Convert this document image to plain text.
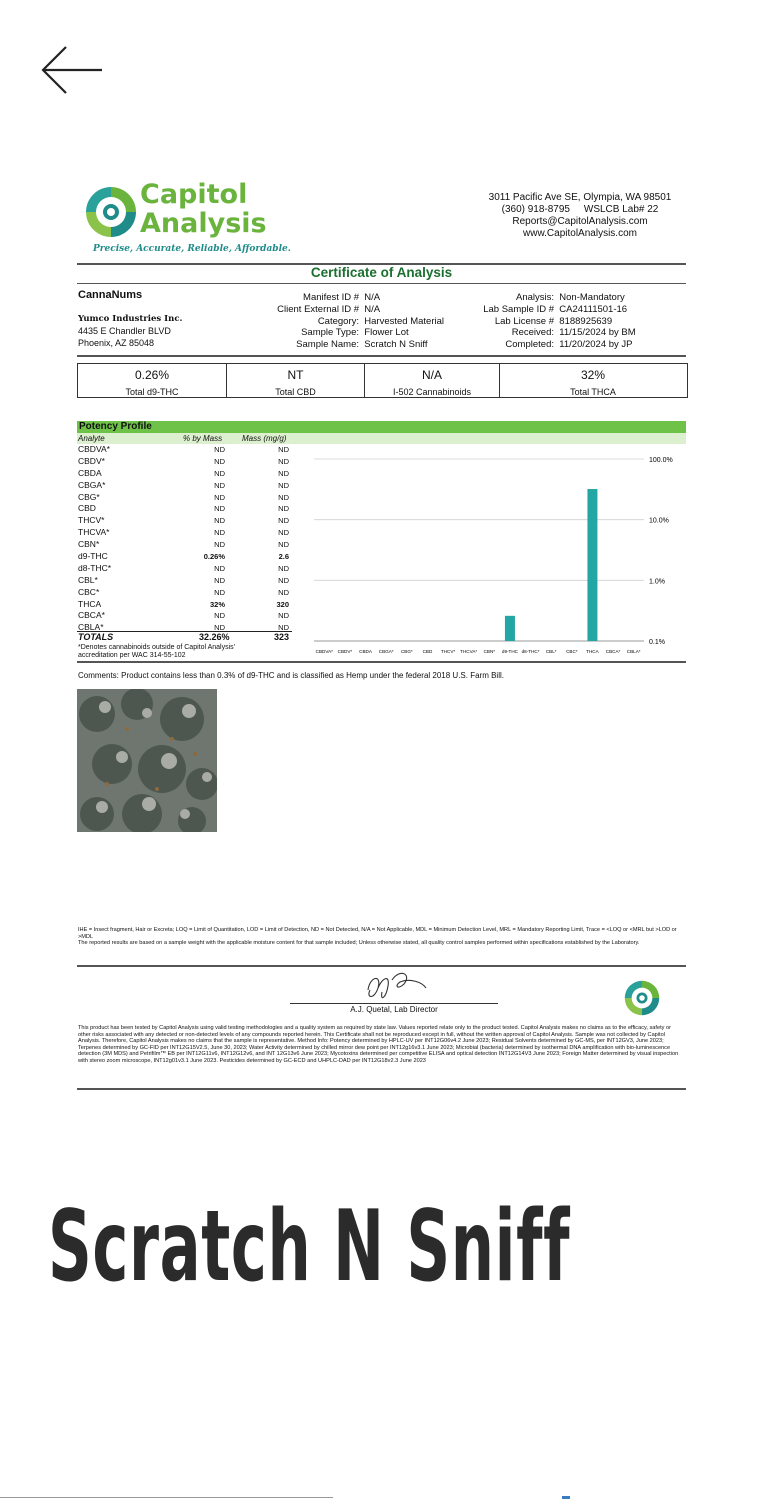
Capitol
Analysis
Precise, Accurate, Reliable, Affordable.
3011 Pacific Ave SE, Olympia, WA 98501
(360) 918-8795     WSLCB Lab# 22
Reports@CapitolAnalysis.com
www.CapitolAnalysis.com
Certificate of Analysis
CannaNums
Yumco Industries Inc.
4435 E Chandler BLVD
Phoenix, AZ 85048
Manifest ID # N/A
Client External ID # N/A
Category: Harvested Material
Sample Type: Flower Lot
Sample Name: Scratch N Sniff
Analysis: Non-Mandatory
Lab Sample ID # CA24111501-16
Lab License # 8188925639
Received: 11/15/2024 by BM
Completed: 11/20/2024 by JP
0.26%
Total d9-THC
NT
Total CBD
N/A
I-502 Cannabinoids
32%
Total THCA
Potency Profile
Analyte	% by Mass Mass (mg/g)
CBDVA*	ND	ND
CBDV*	ND	ND
CBDA	ND	ND
CBGA*	ND	ND
CBG*	ND	ND
CBD	ND	ND
THCV*	ND	ND
THCVA*	ND	ND
CBN*	ND	ND
d9-THC	0.26%	2.6
d8-THC*	ND	ND
CBL*	ND	ND
CBC*	ND	ND
THCA	32%	320
CBCA*	ND	ND
CBLA*	ND	ND
TOTALS	32.26%	323
*Denotes cannabinoids outside of Capitol Analysis'
accreditation per WAC 314-55-102
100.0%
10.0%
1.0%
0.1%
CBDVA* CBDV* CBDA CBGA* CBG* CBD THCV* THCVA* CBN* d9-THC d8-THC* CBL* CBC* THCA CBCA* CBLA*
Comments: Product contains less than 0.3% of d9-THC and is classified as Hemp under the federal 2018 U.S. Farm Bill.
IHE = Insect fragment, Hair or Excreta; LOQ = Limit of Quantitation, LOD = Limit of Detection, ND = Not Detected, N/A = Not Applicable, MDL = Minimum Detection Level, MRL = Mandatory Reporting Limit, Trace = <LOQ or <MRL but >LOD or >MDL
The reported results are based on a sample weight with the applicable moisture content for that sample included; Unless otherwise stated, all quality control samples performed within specifications established by the Laboratory.
A.J. Quetal, Lab Director
This product has been tested by Capitol Analysis using valid testing methodologies and a quality system as required by state law. Values reported relate only to the product tested. Capitol Analysis makes no claims as to the efficacy, safety or other risks associated with any detected or non-detected levels of any compounds reported herein. This Certificate shall not be reproduced except in full, without the written approval of Capitol Analysis. Sample was not collected by Capitol Analysis. Therefore, Capitol Analysis makes no claims that the sample is representative. Method Info: Potency determined by HPLC-UV per INT12G06v4.2 June 2023; Residual Solvents determined by GC-MS, per INT12GV3, June 2023; Terpenes determined by GC-FID per INT12G15V2.5, June 30, 2023; Water Activity determined by chilled mirror dew point per INT12g16v3.1 June 2023; Microbial (bacteria) determined by isothermal DNA amplification with bio-luminescence detection (3M MDS) and Petrifilm™ EB per INT12G11v6, INT12G12v6, and INT 12G13v6 June 2023; Mycotoxins determined per competitive ELISA and optical detection INT12G14V3 June 2023; Foreign Matter determined by visual inspection with stereo zoom microscope, INT12g01v3.1 June 2023. Pesticides determined by GC-ECD and UHPLC-DAD per INT12G18v2.3 June 2023
Scratch N Sniff
